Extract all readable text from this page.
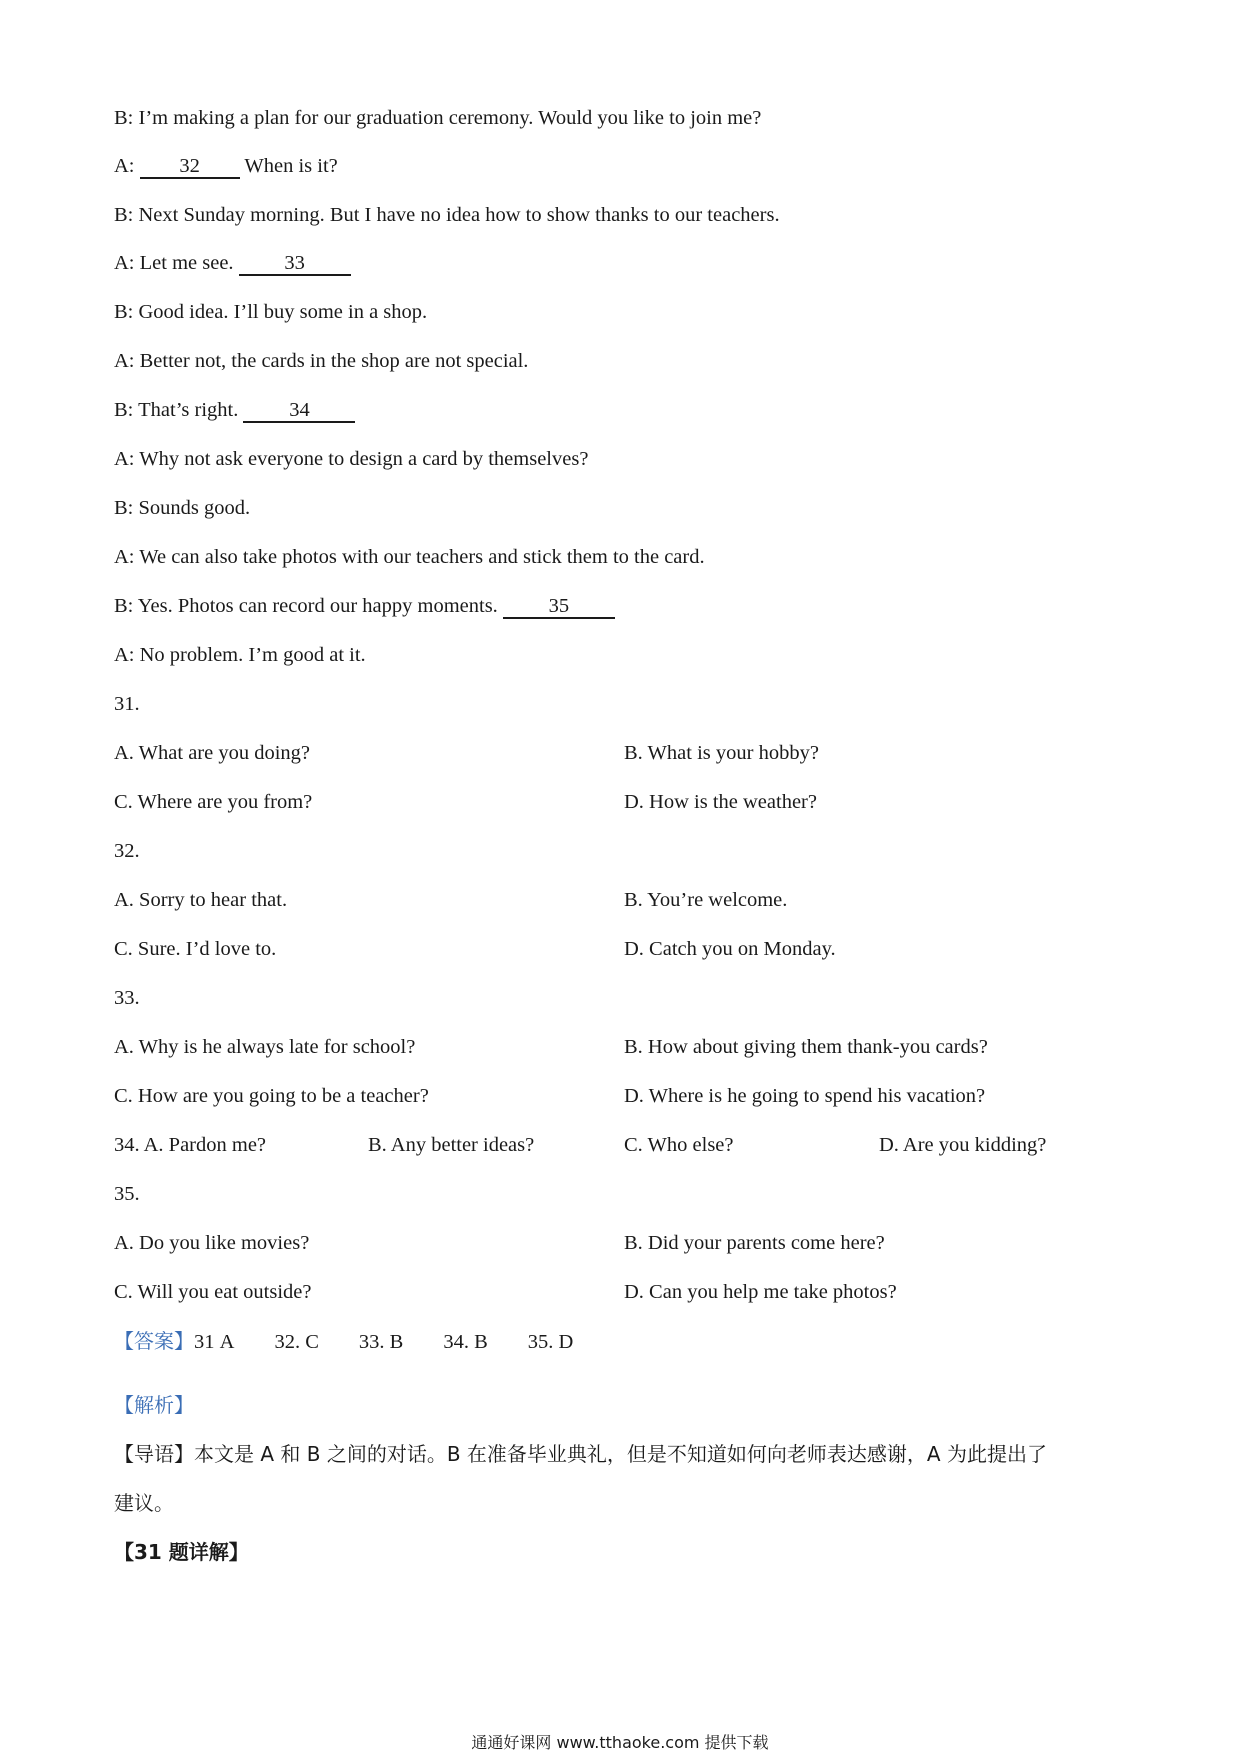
B: I’m making a plan for our graduation ceremony. Would you like to join me?
A: 32 When is it?
B: Next Sunday morning. But I have no idea how to show thanks to our teachers.
A: Let me see. 33
B: Good idea. I’ll buy some in a shop.
A: Better not, the cards in the shop are not special.
B: That’s right. 34
A: Why not ask everyone to design a card by themselves?
B: Sounds good.
A: We can also take photos with our teachers and stick them to the card.
B: Yes. Photos can record our happy moments. 35
A: No problem. I’m good at it.
31.
A. What are you doing?	B. What is your hobby?
C. Where are you from?	D. How is the weather?
32.
A. Sorry to hear that.	B. You’re welcome.
C. Sure. I’d love to.	D. Catch you on Monday.
33.
A. Why is he always late for school?	B. How about giving them thank-you cards?
C. How are you going to be a teacher?	D. Where is he going to spend his vacation?
34. A. Pardon me?	B. Any better ideas?	C. Who else?	D. Are you kidding?
35.
A. Do you like movies?	B. Did your parents come here?
C. Will you eat outside?	D. Can you help me take photos?
【答案】31 A 32. C 33. B 34. B 35. D
【解析】
【导语】本文是 A 和 B 之间的对话。B 在准备毕业典礼，但是不知道如何向老师表达感谢，A 为此提出了
建议。
【31 题详解】
通通好课网 www.tthaoke.com 提供下载
